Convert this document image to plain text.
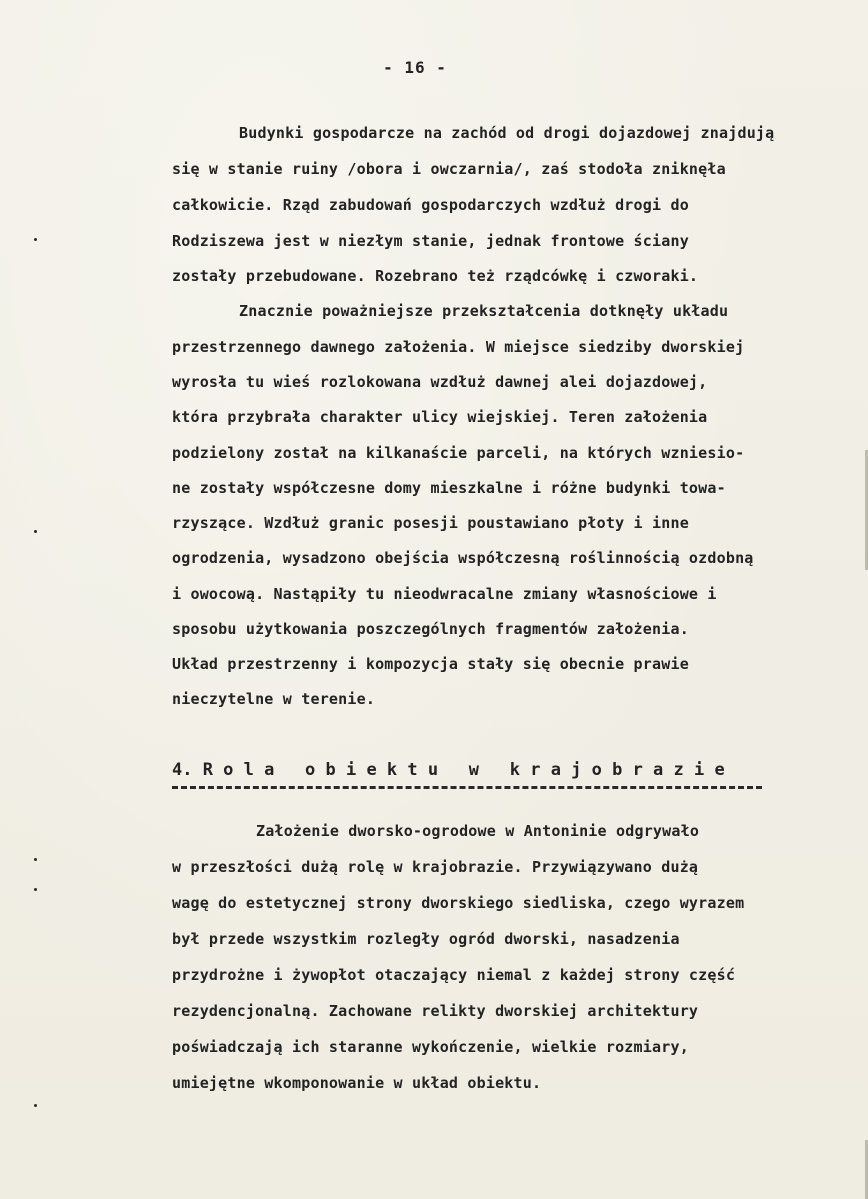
- 16 -
Budynki gospodarcze na zachód od drogi dojazdowej znajdują
się w stanie ruiny /obora i owczarnia/, zaś stodoła zniknęła
całkowicie. Rząd zabudowań gospodarczych wzdłuż drogi do
Rodziszewa jest w niezłym stanie, jednak frontowe ściany
zostały przebudowane. Rozebrano też rządcówkę i czworaki.
Znacznie poważniejsze przekształcenia dotknęły układu
przestrzennego dawnego założenia. W miejsce siedziby dworskiej
wyrosła tu wieś rozlokowana wzdłuż dawnej alei dojazdowej,
która przybrała charakter ulicy wiejskiej. Teren założenia
podzielony został na kilkanaście parceli, na których wzniesio-
ne zostały współczesne domy mieszkalne i różne budynki towa-
rzyszące. Wzdłuż granic posesji poustawiano płoty i inne
ogrodzenia, wysadzono obejścia współczesną roślinnością ozdobną
i owocową. Nastąpiły tu nieodwracalne zmiany własnościowe i
sposobu użytkowania poszczególnych fragmentów założenia.
Układ przestrzenny i kompozycja stały się obecnie prawie
nieczytelne w terenie.
4. R o l a   o b i e k t u   w   k r a j o b r a z i e
Założenie dworsko-ogrodowe w Antoninie odgrywało
w przeszłości dużą rolę w krajobrazie. Przywiązywano dużą
wagę do estetycznej strony dworskiego siedliska, czego wyrazem
był przede wszystkim rozległy ogród dworski, nasadzenia
przydrożne i żywopłot otaczający niemal z każdej strony część
rezydencjonalną. Zachowane relikty dworskiej architektury
poświadczają ich staranne wykończenie, wielkie rozmiary,
umiejętne wkomponowanie w układ obiektu.
